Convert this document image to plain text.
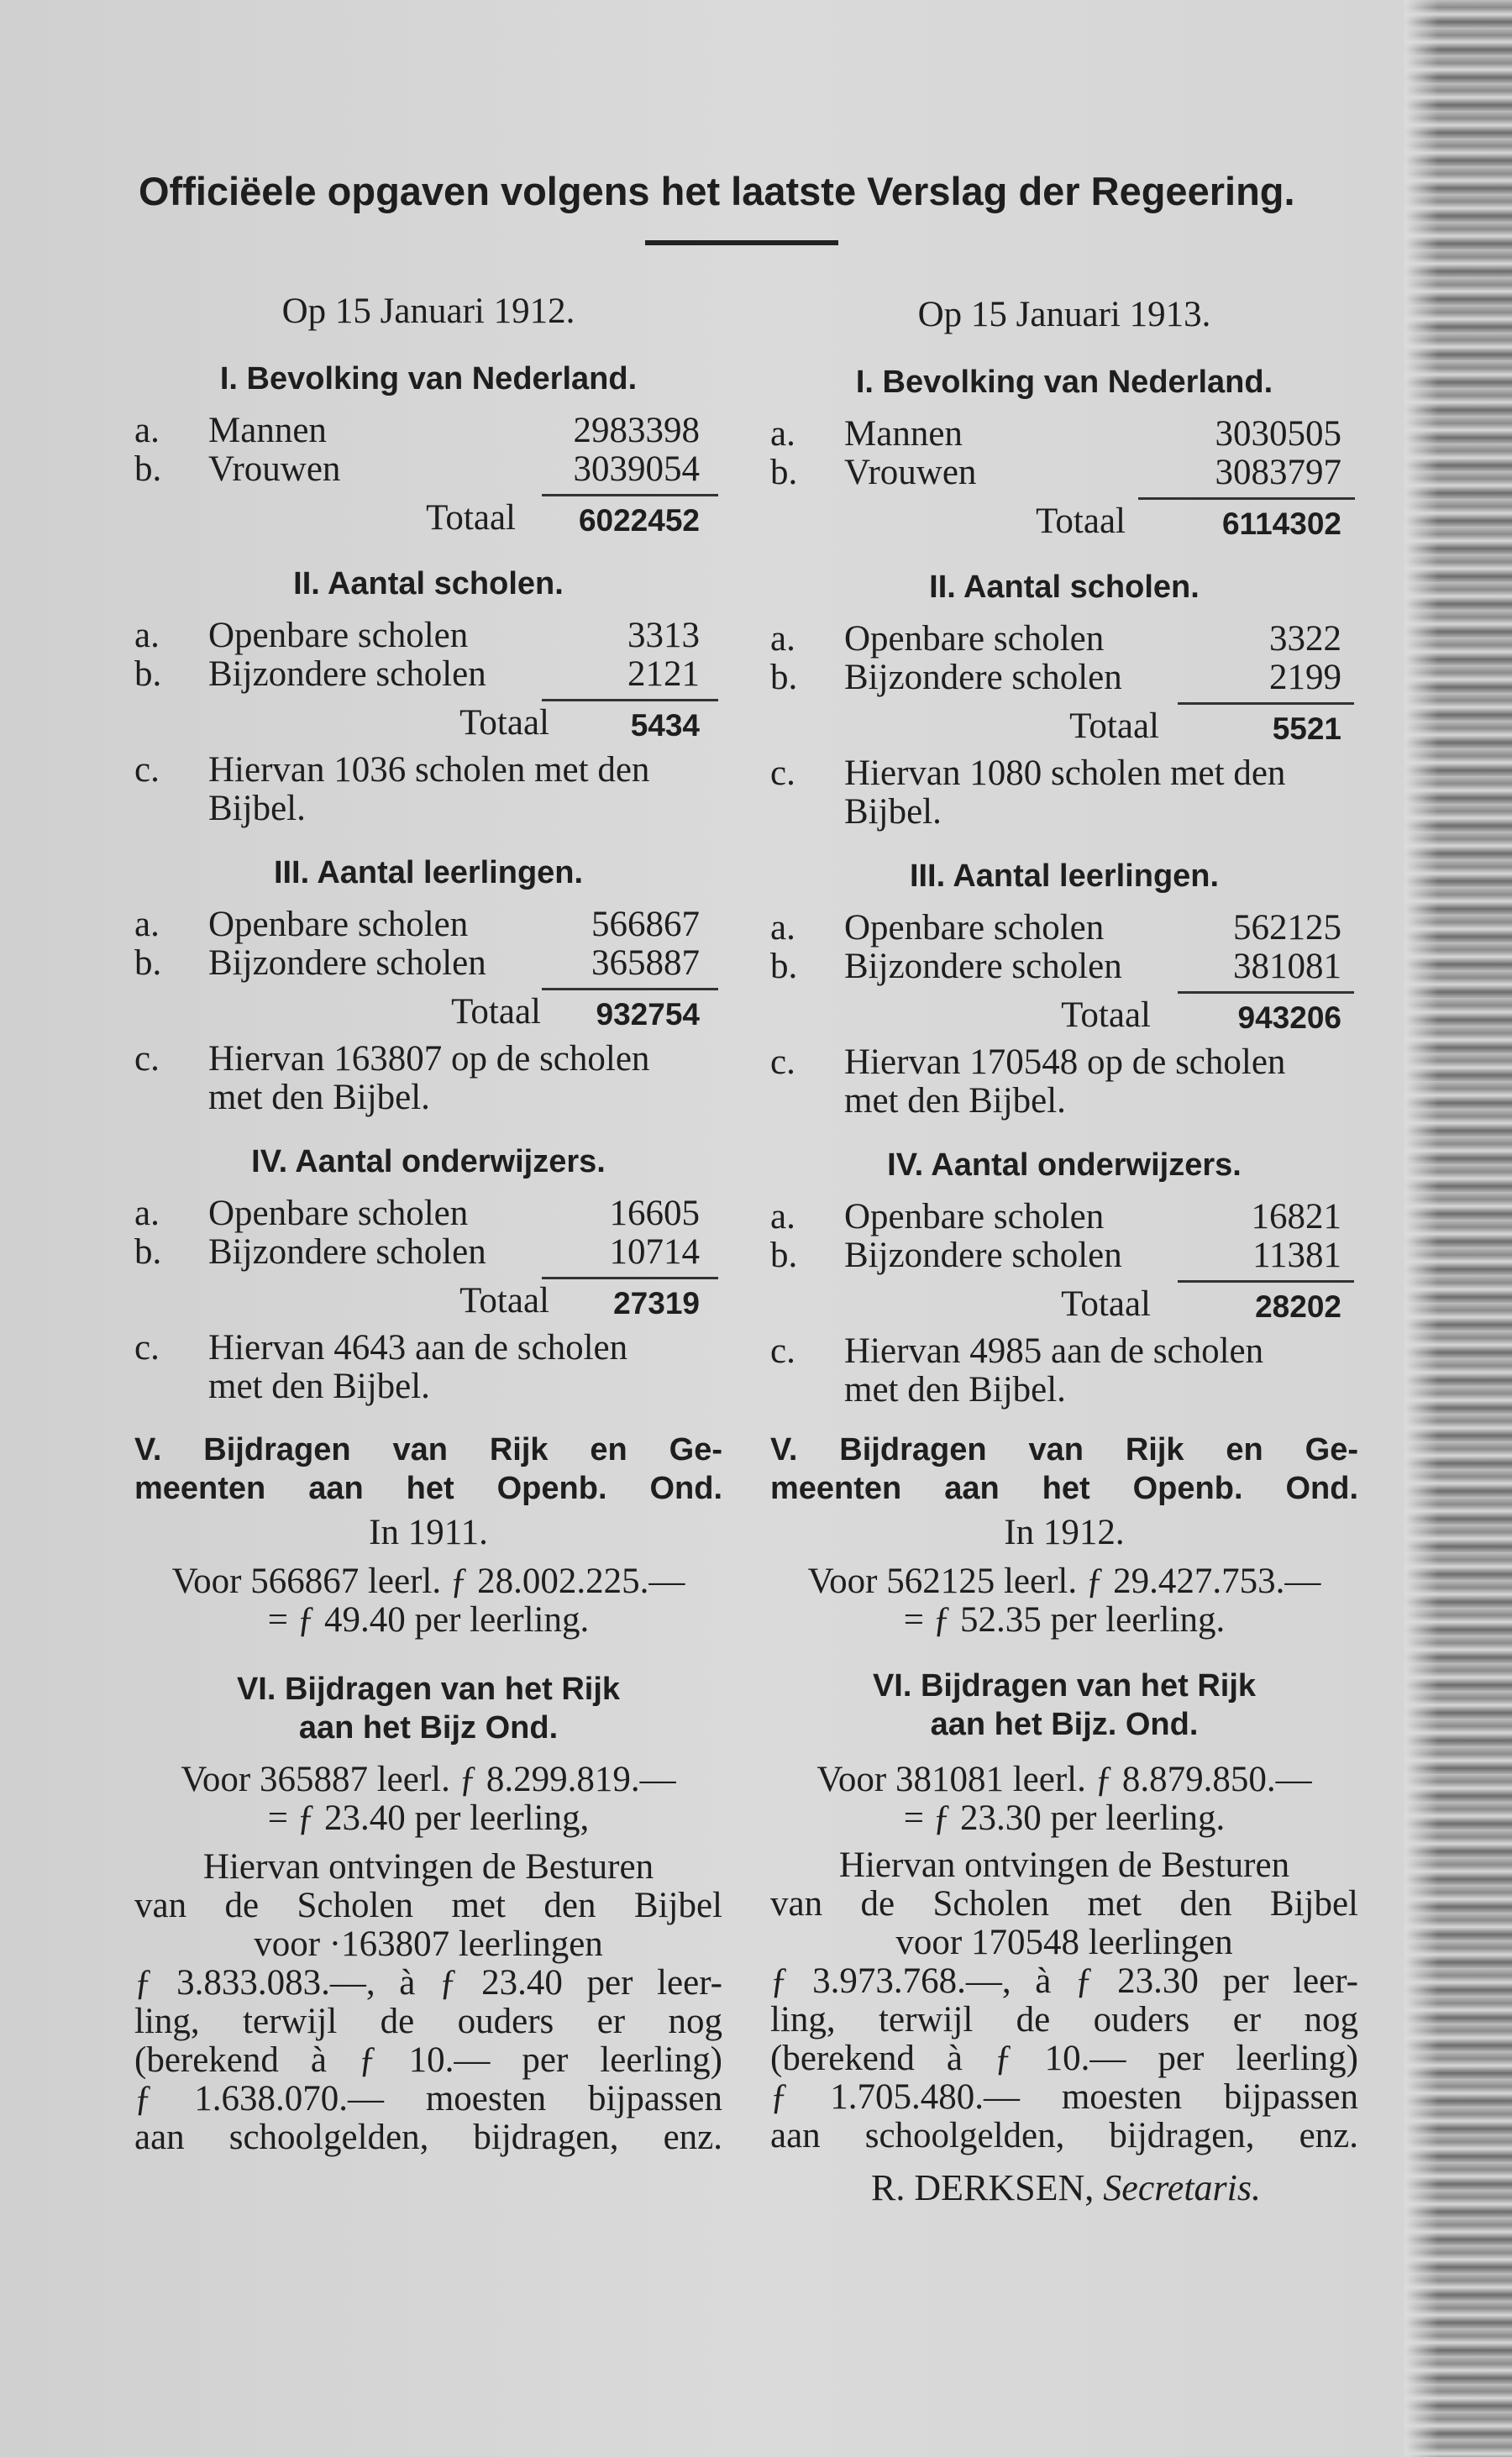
Officiëele opgaven volgens het laatste Verslag der Regeering.
Op 15 Januari 1912.
I. Bevolking van Nederland.
a. Mannen	2983398
b. Vrouwen	3039054
Totaal	6022452
II. Aantal scholen.
a. Openbare scholen	3313
b. Bijzondere scholen	2121
Totaal	5434
c. Hiervan 1036 scholen met den
Bijbel.
III. Aantal leerlingen.
a. Openbare scholen	566867
b. Bijzondere scholen	365887
Totaal	932754
c. Hiervan 163807 op de scholen
met den Bijbel.
IV. Aantal onderwijzers.
a. Openbare scholen	16605
b. Bijzondere scholen	10714
Totaal	27319
c. Hiervan 4643 aan de scholen
met den Bijbel.
V. Bijdragen van Rijk en Ge-
meenten aan het Openb. Ond.
In 1911.
Voor 566867 leerl. ƒ 28.002.225.—
= ƒ 49.40 per leerling.
VI. Bijdragen van het Rijk
aan het Bijz Ond.
Voor 365887 leerl. ƒ 8.299.819.—
= ƒ 23.40 per leerling,
Hiervan ontvingen de Besturen
van de Scholen met den Bijbel
voor ·163807 leerlingen
ƒ 3.833.083.—, à ƒ 23.40 per leer-
ling, terwijl de ouders er nog
(berekend à ƒ 10.— per leerling)
ƒ 1.638.070.— moesten bijpassen
aan schoolgelden, bijdragen, enz.
Op 15 Januari 1913.
I. Bevolking van Nederland.
a. Mannen	3030505
b. Vrouwen	3083797
Totaal	6114302
II. Aantal scholen.
a. Openbare scholen	3322
b. Bijzondere scholen	2199
Totaal	5521
c. Hiervan 1080 scholen met den
Bijbel.
III. Aantal leerlingen.
a. Openbare scholen	562125
b. Bijzondere scholen	381081
Totaal	943206
c. Hiervan 170548 op de scholen
met den Bijbel.
IV. Aantal onderwijzers.
a. Openbare scholen	16821
b. Bijzondere scholen	11381
Totaal	28202
c. Hiervan 4985 aan de scholen
met den Bijbel.
V. Bijdragen van Rijk en Ge-
meenten aan het Openb. Ond.
In 1912.
Voor 562125 leerl. ƒ 29.427.753.—
= ƒ 52.35 per leerling.
VI. Bijdragen van het Rijk
aan het Bijz. Ond.
Voor 381081 leerl. ƒ 8.879.850.—
= ƒ 23.30 per leerling.
Hiervan ontvingen de Besturen
van de Scholen met den Bijbel
voor 170548 leerlingen
ƒ 3.973.768.—, à ƒ 23.30 per leer-
ling, terwijl de ouders er nog
(berekend à ƒ 10.— per leerling)
ƒ 1.705.480.— moesten bijpassen
aan schoolgelden, bijdragen, enz.
R. DERKSEN, Secretaris.
